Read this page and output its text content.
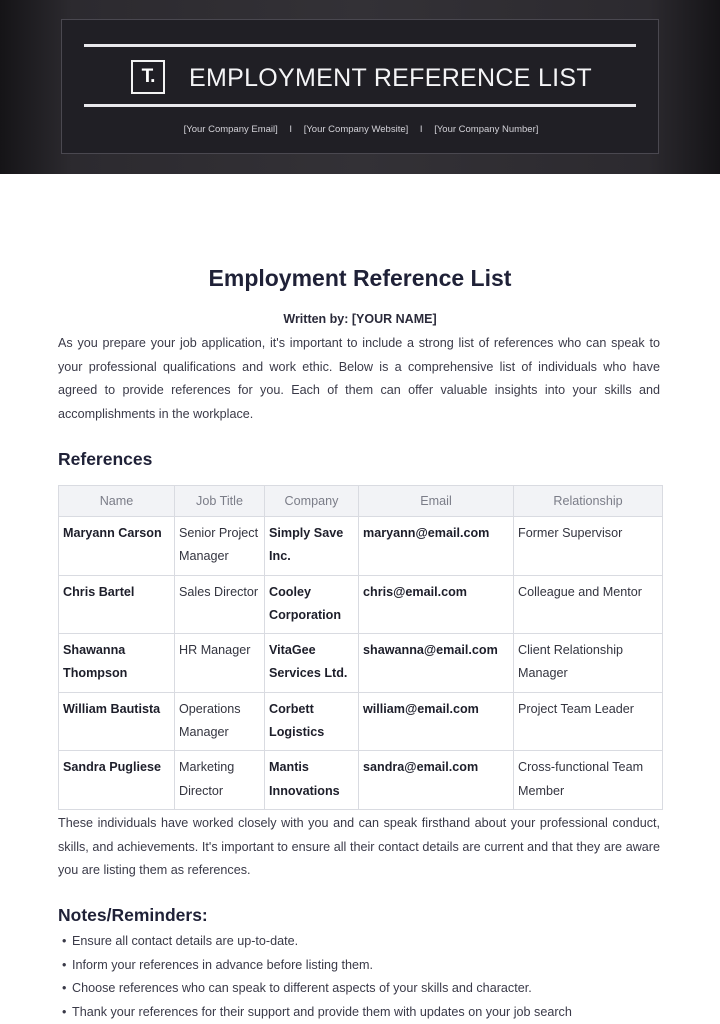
T. EMPLOYMENT REFERENCE LIST
[Your Company Email] I [Your Company Website] I [Your Company Number]
Employment Reference List
Written by: [YOUR NAME]

As you prepare your job application, it's important to include a strong list of references who can speak to your professional qualifications and work ethic. Below is a comprehensive list of individuals who have agreed to provide references for you. Each of them can offer valuable insights into your skills and accomplishments in the workplace.

References
Name	Job Title	Company	Email	Relationship
Maryann Carson	Senior Project Manager	Simply Save Inc.	maryann@email.com	Former Supervisor
Chris Bartel	Sales Director	Cooley Corporation	chris@email.com	Colleague and Mentor
Shawanna Thompson	HR Manager	VitaGee Services Ltd.	shawanna@email.com	Client Relationship Manager
William Bautista	Operations Manager	Corbett Logistics	william@email.com	Project Team Leader
Sandra Pugliese	Marketing Director	Mantis Innovations	sandra@email.com	Cross-functional Team Member

These individuals have worked closely with you and can speak firsthand about your professional conduct, skills, and achievements. It's important to ensure all their contact details are current and that they are aware you are listing them as references.

Notes/Reminders:
• Ensure all contact details are up-to-date.
• Inform your references in advance before listing them.
• Choose references who can speak to different aspects of your skills and character.
• Thank your references for their support and provide them with updates on your job search
